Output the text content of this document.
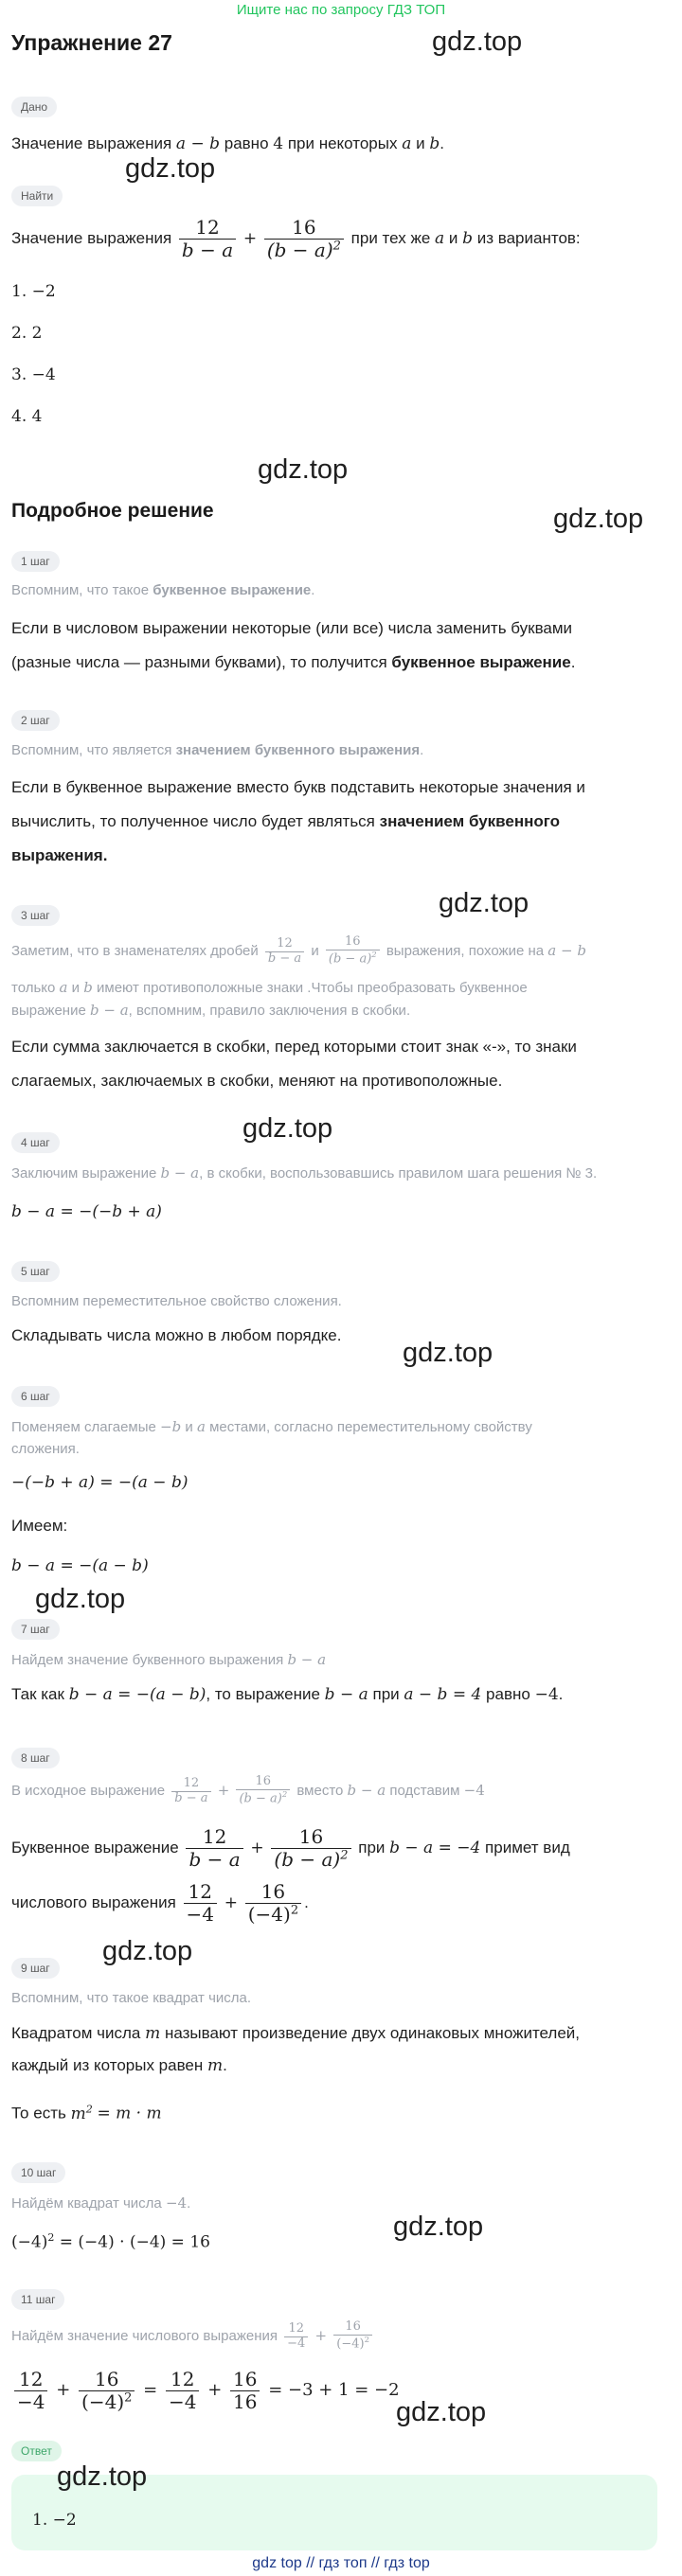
Ищите нас по запросу ГДЗ ТОП
Упражнение 27	gdz.top
gdz.top
gdz.top
gdz.top
gdz.top
gdz.top
gdz.top
gdz.top
gdz.top
gdz.top
gdz.top
gdz.top
Дано
Значение выражения a − b равно 4 при некоторых a и b.
Найти
Значение выражения $\frac{12}{b - a} + \frac{16}{(b - a)^2}$ при тех же a и b из вариантов:
1. −2
2. 2
3. −4
4. 4
Подробное решение
1 шаг
Вспомним, что такое буквенное выражение.
Если в числовом выражении некоторые (или все) числа заменить буквами
(разные числа — разными буквами), то получится буквенное выражение.
2 шаг
Вспомним, что является значением буквенного выражения.
Если в буквенное выражение вместо букв подставить некоторые значения и
вычислить, то полученное число будет являться значением буквенного
выражения.
3 шаг
Заметим, что в знаменателях дробей $\frac{12}{b - a}$ и $\frac{16}{(b - a)^2}$ выражения, похожие на a − b
только a и b имеют противоположные знаки .Чтобы преобразовать буквенное
выражение b − a, вспомним, правило заключения в скобки.
Если сумма заключается в скобки, перед которыми стоит знак «-», то знаки
слагаемых, заключаемых в скобки, меняют на противоположные.
4 шаг
Заключим выражение b − a, в скобки, воспользовавшись правилом шага решения № 3.
b − a = −(−b + a)
5 шаг
Вспомним переместительное свойство сложения.
Складывать числа можно в любом порядке.
6 шаг
Поменяем слагаемые −b и a местами, согласно переместительному свойству
сложения.
−(−b + a) = −(a − b)
Имеем:
b − a = −(a − b)
7 шаг
Найдем значение буквенного выражения b − a
Так как b − a = −(a − b), то выражение b − a при a − b = 4 равно −4.
8 шаг
В исходное выражение $\frac{12}{b - a} + \frac{16}{(b - a)^2}$ вместо b − a подставим −4
Буквенное выражение $\frac{12}{b - a} + \frac{16}{(b - a)^2}$ при b − a = −4 примет вид
числового выражения $\frac{12}{-4} + \frac{16}{(-4)^2}$ .
9 шаг
Вспомним, что такое квадрат числа.
Квадратом числа m называют произведение двух одинаковых множителей,
каждый из которых равен m.
То есть $m^2 = m \cdot m$
10 шаг
Найдём квадрат числа −4.
$(-4)^2 = (-4) \cdot (-4) = 16$
11 шаг
Найдём значение числового выражения $\frac{12}{-4} + \frac{16}{(-4)^2}$
$\frac{12}{-4} + \frac{16}{(-4)^2} = \frac{12}{-4} + \frac{16}{16} = -3 + 1 = -2$
Ответ
1. −2
gdz top // гдз топ // гдз top
